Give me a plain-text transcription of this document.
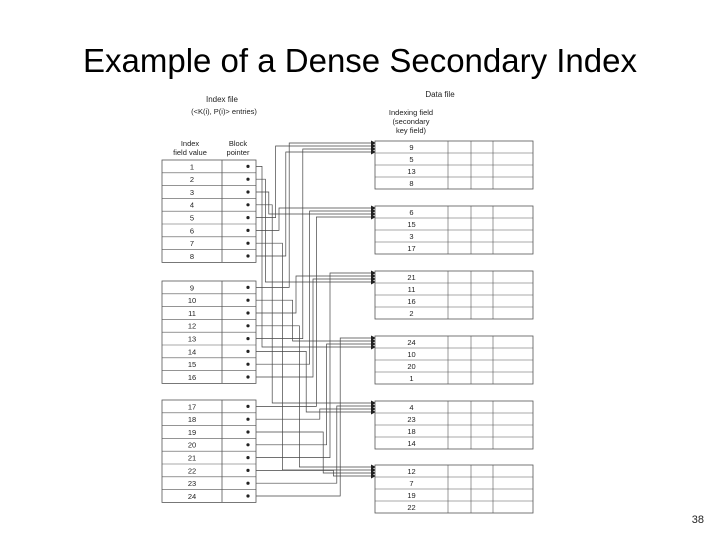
Example of a Dense Secondary Index
1
2
3
4
5
6
7
8
9
10
11
12
13
14
15
16
17
18
19
20
21
22
23
24
9
5
13
8
6
15
3
17
21
11
16
2
24
10
20
1
4
23
18
14
12
7
19
22
Index file
(<K(i), P(i)> entries)
Data file
Index
field value
Block
pointer
Indexing field
(secondary
key field)
38
